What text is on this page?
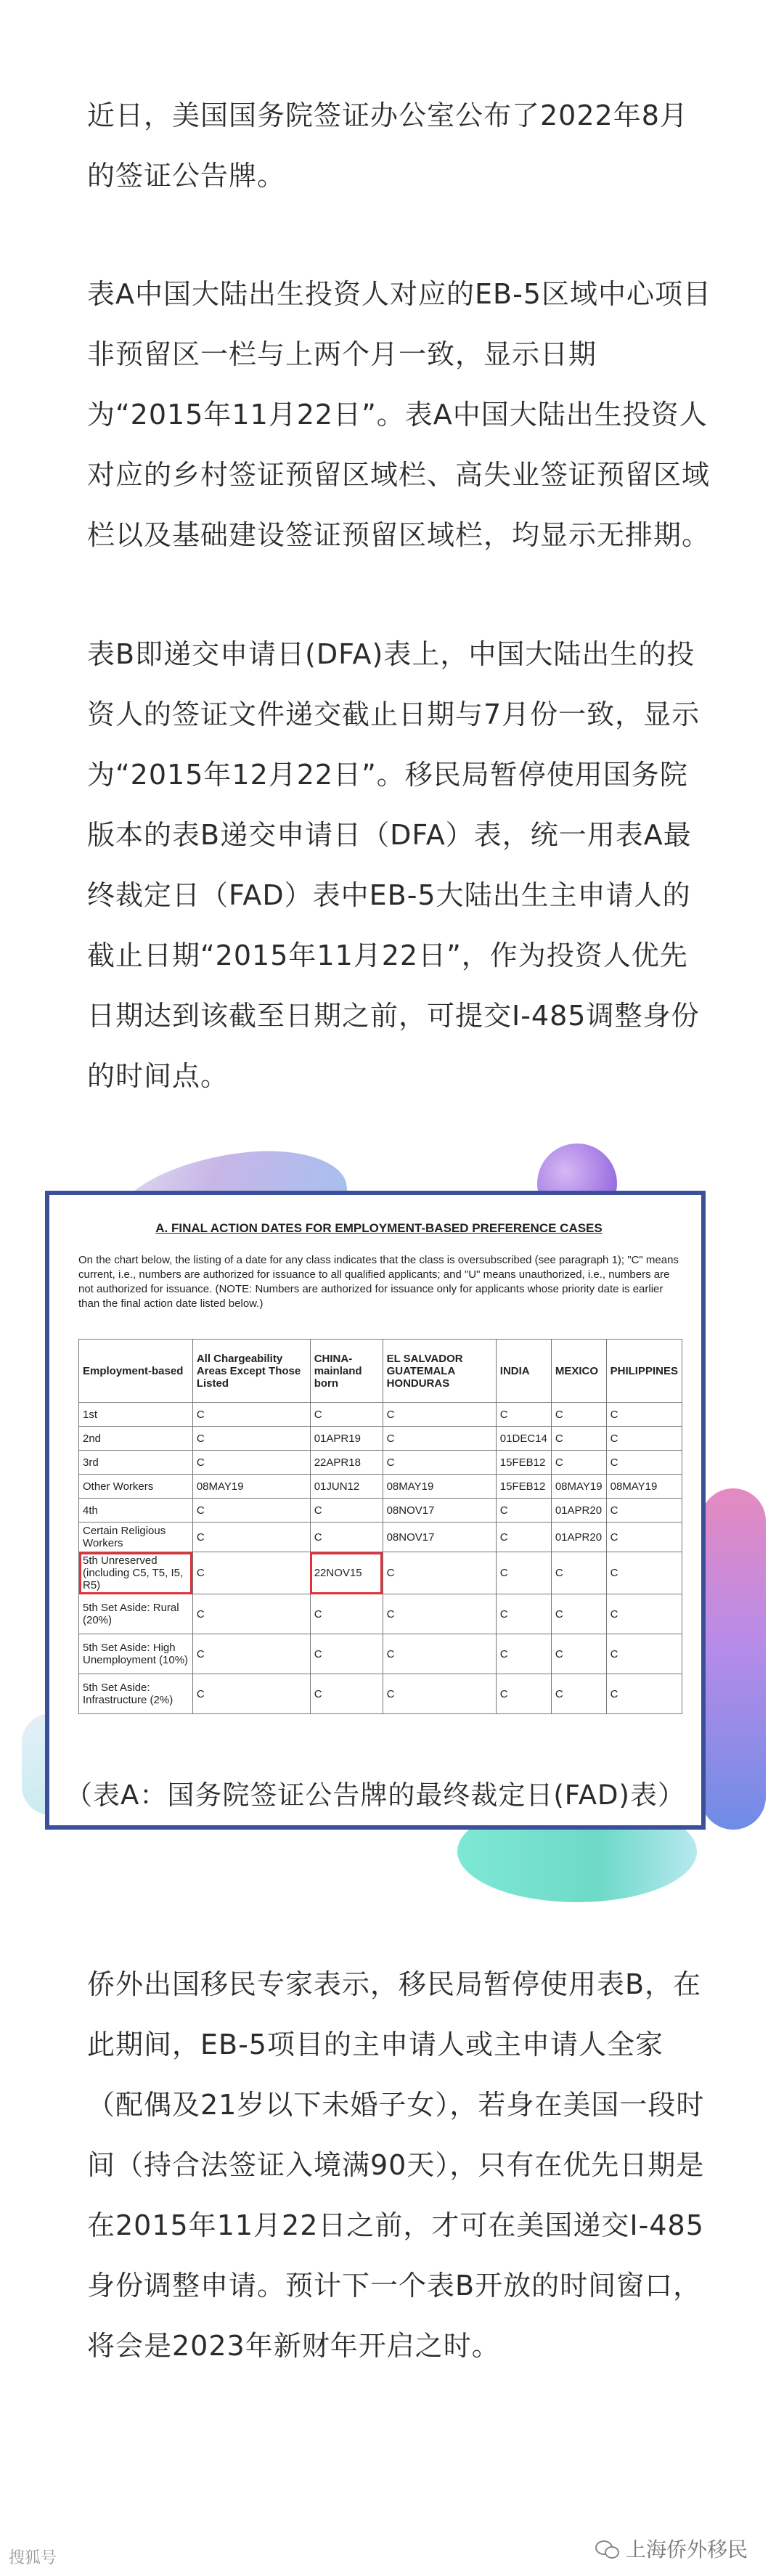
近日，美国国务院签证办公室公布了2022年8月的签证公告牌。

表A中国大陆出生投资人对应的EB-5区域中心项目非预留区一栏与上两个月一致，显示日期为“2015年11月22日”。表A中国大陆出生投资人对应的乡村签证预留区域栏、高失业签证预留区域栏以及基础建设签证预留区域栏，均显示无排期。

表B即递交申请日(DFA)表上，中国大陆出生的投资人的签证文件递交截止日期与7月份一致，显示为“2015年12月22日”。移民局暂停使用国务院版本的表B递交申请日（DFA）表，统一用表A最终裁定日（FAD）表中EB-5大陆出生主申请人的截止日期“2015年11月22日”，作为投资人优先日期达到该截至日期之前，可提交I-485调整身份的时间点。

A. FINAL ACTION DATES FOR EMPLOYMENT-BASED PREFERENCE CASES
On the chart below, the listing of a date for any class indicates that the class is oversubscribed (see paragraph 1); "C" means current, i.e., numbers are authorized for issuance to all qualified applicants; and "U" means unauthorized, i.e., numbers are not authorized for issuance. (NOTE: Numbers are authorized for issuance only for applicants whose priority date is earlier than the final action date listed below.)
Employment-based	All Chargeability Areas Except Those Listed	CHINA-mainland born	EL SALVADOR GUATEMALA HONDURAS	INDIA	MEXICO	PHILIPPINES
1st	C	C	C	C	C	C
2nd	C	01APR19	C	01DEC14	C	C
3rd	C	22APR18	C	15FEB12	C	C
Other Workers	08MAY19	01JUN12	08MAY19	15FEB12	08MAY19	08MAY19
4th	C	C	08NOV17	C	01APR20	C
Certain Religious Workers	C	C	08NOV17	C	01APR20	C
5th Unreserved (including C5, T5, I5, R5)	C	22NOV15	C	C	C	C
5th Set Aside: Rural (20%)	C	C	C	C	C	C
5th Set Aside: High Unemployment (10%)	C	C	C	C	C	C
5th Set Aside: Infrastructure (2%)	C	C	C	C	C	C
（表A：国务院签证公告牌的最终裁定日(FAD)表）

侨外出国移民专家表示，移民局暂停使用表B，在此期间，EB-5项目的主申请人或主申请人全家（配偶及21岁以下未婚子女），若身在美国一段时间（持合法签证入境满90天），只有在优先日期是在2015年11月22日之前，才可在美国递交I-485身份调整申请。预计下一个表B开放的时间窗口，将会是2023年新财年开启之时。

搜狐号	上海侨外移民
